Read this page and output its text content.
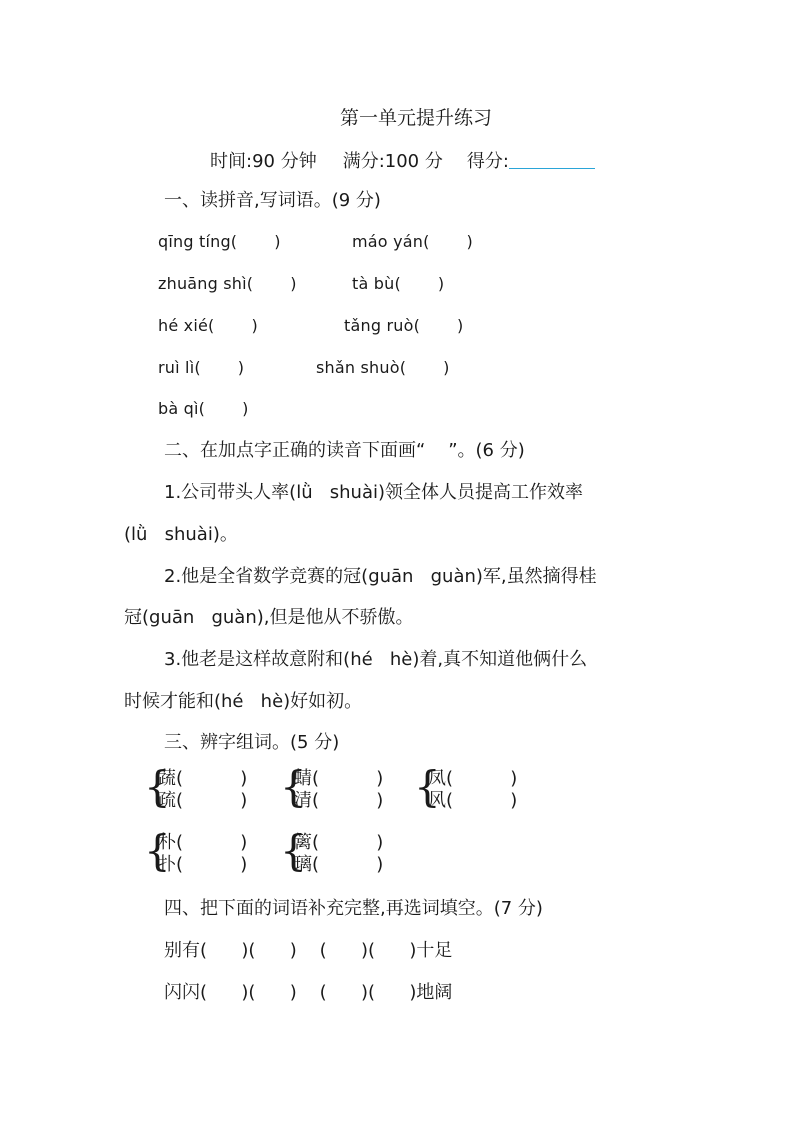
第一单元提升练习
时间:90 分钟 满分:100 分 得分:
一、读拼音,写词语。(9 分)
qīng tíng(       )	máo yán(       )
zhuāng shì(       )	tà bù(       )
hé xié(       )	tǎng ruò(       )
ruì lì(       )	shǎn shuò(       )
bà qì(       )
二、在加点字正确的读音下面画“    ”。(6 分)
1.公司带头人率(lǜ   shuài)领全体人员提高工作效率
(lǜ   shuài)。
2.他是全省数学竞赛的冠(guān   guàn)军,虽然摘得桂
冠(guān   guàn),但是他从不骄傲。
3.他老是这样故意附和(hé   hè)着,真不知道他俩什么
时候才能和(hé   hè)好如初。
三、辨字组词。(5 分)
{
蔬(          )
疏(          ) {
蜻(          )
清(          ) {
凤(          )
风(          )
{
朴(          )
扑(          ) {
篱(          )
璃(          )
四、把下面的词语补充完整,再选词填空。(7 分)
别有(      )(      )    (      )(      )十足
闪闪(      )(      )    (      )(      )地阔
